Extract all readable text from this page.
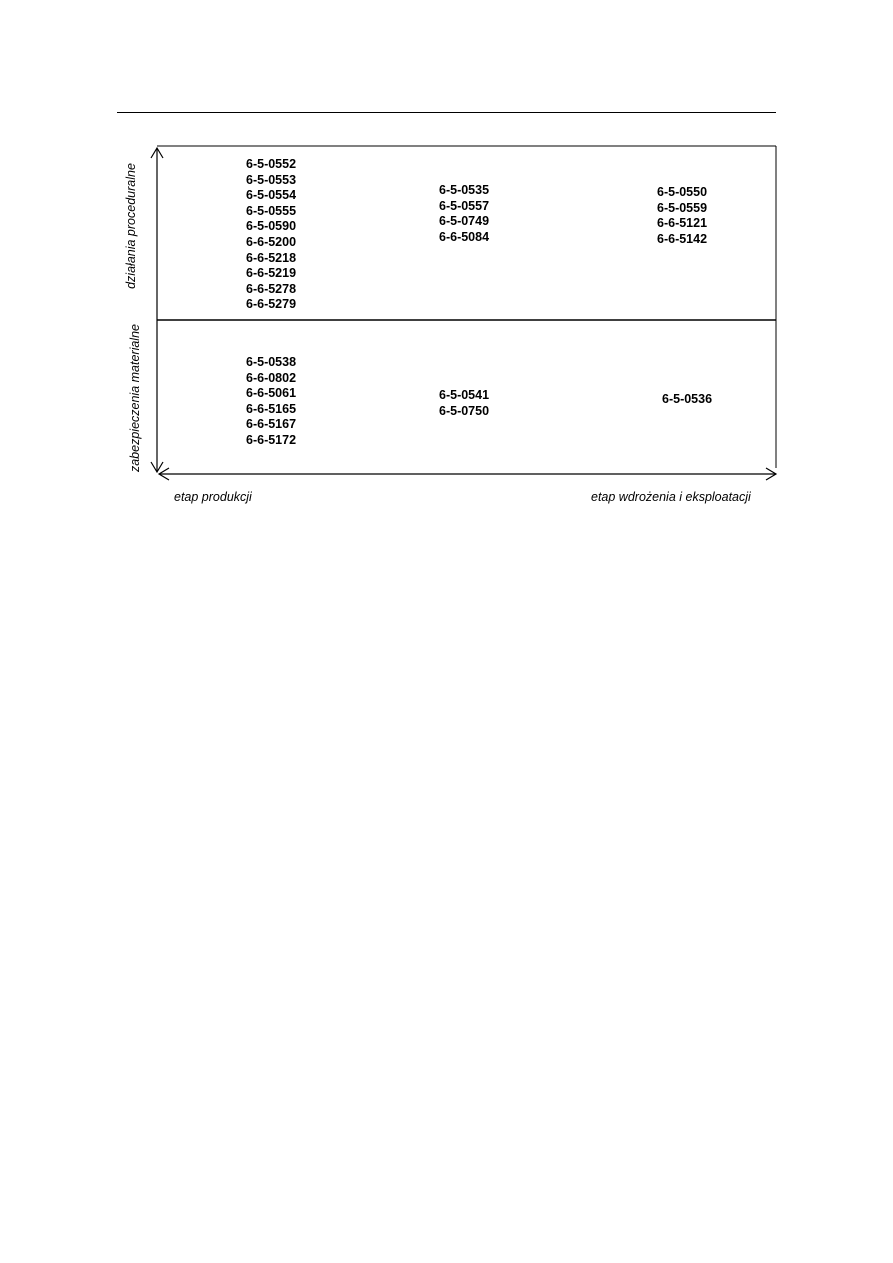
działania proceduralne
zabezpieczenia materialne
6-5-0552
6-5-0553
6-5-0554
6-5-0555
6-5-0590
6-6-5200
6-6-5218
6-6-5219
6-6-5278
6-6-5279
6-5-0535
6-5-0557
6-5-0749
6-6-5084
6-5-0550
6-5-0559
6-6-5121
6-6-5142
6-5-0538
6-6-0802
6-6-5061
6-6-5165
6-6-5167
6-6-5172
6-5-0541
6-5-0750
6-5-0536
etap produkcji	etap wdrożenia i eksploatacji
